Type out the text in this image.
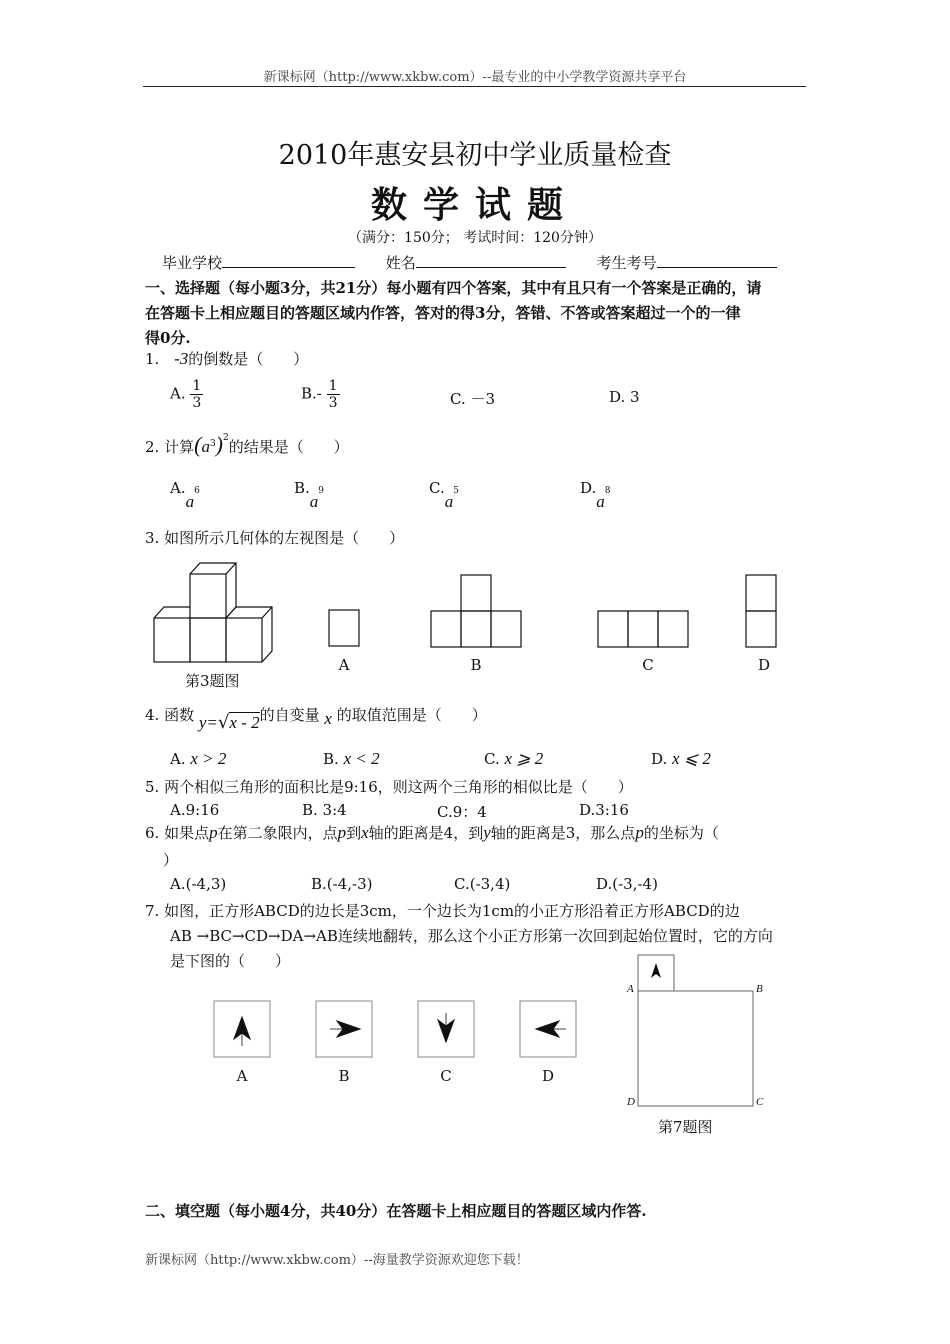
新课标网（http://www.xkbw.com）--最专业的中小学教学资源共享平台
2010年惠安县初中学业质量检查
数学试题
（满分：150分； 考试时间：120分钟）
毕业学校	姓名	考生考号
一、选择题（每小题3分，共21分）每小题有四个答案，其中有且只有一个答案是正确的，请
在答题卡上相应题目的答题区域内作答，答对的得3分，答错、不答或答案超过一个的一律
得0分.
1. -3的倒数是（　　）
A. $\frac{1}{3}$	$B.- \frac{1}{3}$	C. －3	D. 3
2. 计算$(a^3)^2$的结果是（　　）
$A.a^6$	$B.a^9$	$C.a^5$	$D.a^8$
3. 如图所示几何体的左视图是（　　）
第3题图
A	B	C	D
4. 函数 y=√x - 2的自变量 x 的取值范围是（　　）
A. x > 2	B. x < 2	C. x ⩾ 2	D. x ⩽ 2
5. 两个相似三角形的面积比是9:16，则这两个三角形的相似比是（　　）
A.9:16	B. 3:4	C.9：4	D.3:16
6. 如果点p在第二象限内，点p到x轴的距离是4，到y轴的距离是3，那么点p的坐标为（
）
A.(-4,3)	B.(-4,-3)	C.(-3,4)	D.(-3,-4)
7. 如图，正方形ABCD的边长是3cm，一个边长为1cm的小正方形沿着正方形ABCD的边
AB →BC→CD→DA→AB连续地翻转，那么这个小正方形第一次回到起始位置时，它的方向
是下图的（　　）
A	B	C	D
A	B
C
D
第7题图
二、填空题（每小题4分，共40分）在答题卡上相应题目的答题区域内作答.
新课标网（http://www.xkbw.com）--海量教学资源欢迎您下载！
